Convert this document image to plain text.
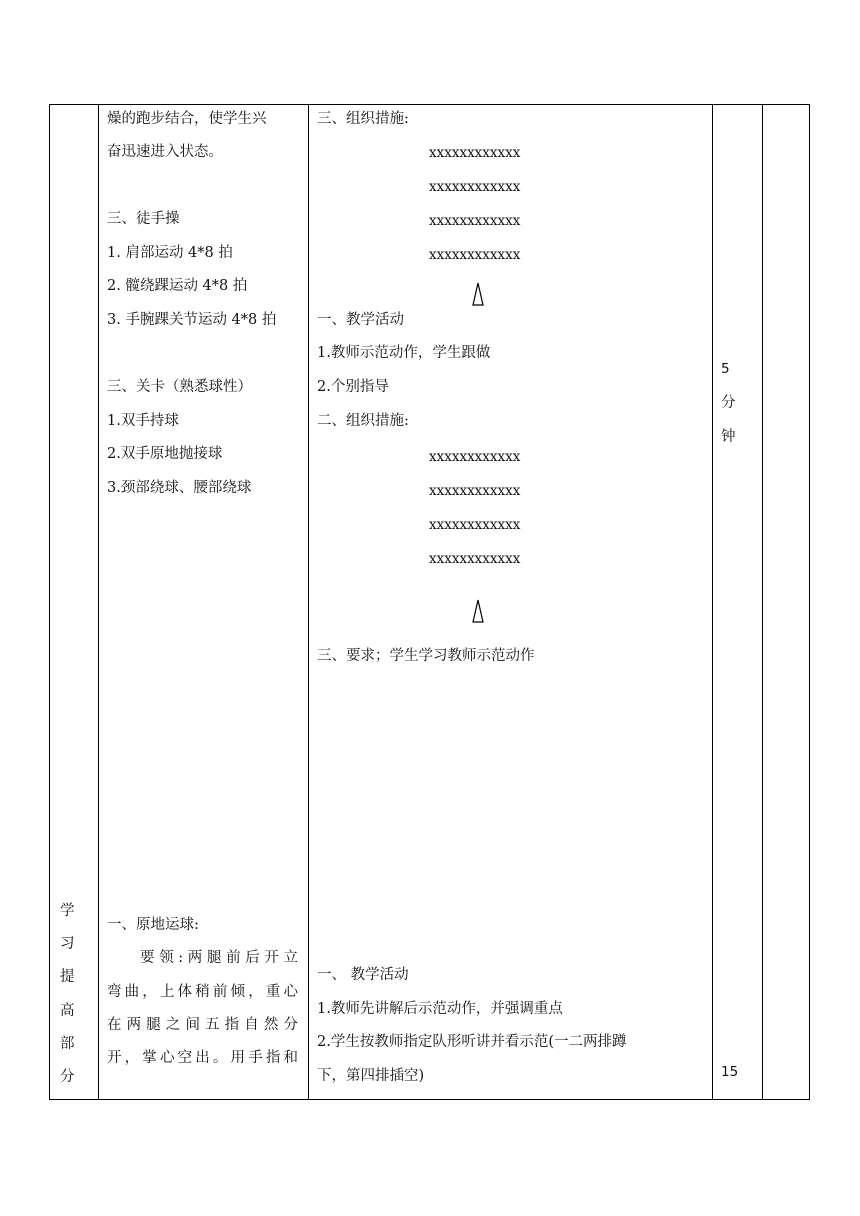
学
习
提
高
部
分
燥的跑步结合，使学生兴
奋迅速进入状态。
三、徒手操
1. 肩部运动 4*8 拍
2. 髋绕踝运动 4*8 拍
3. 手腕踝关节运动 4*8 拍
三、关卡（熟悉球性）
1.双手持球
2.双手原地抛接球
3.颈部绕球、腰部绕球
一、原地运球:
要领:两腿前后开立
弯曲，上体稍前倾，重心
在两腿之间五指自然分
开，掌心空出。用手指和
三、组织措施:
xxxxxxxxxxxx
xxxxxxxxxxxx
xxxxxxxxxxxx
xxxxxxxxxxxx
一、教学活动
1.教师示范动作，学生跟做
2.个别指导
二、组织措施:
xxxxxxxxxxxx
xxxxxxxxxxxx
xxxxxxxxxxxx
xxxxxxxxxxxx
三、要求；学生学习教师示范动作
一、 教学活动
1.教师先讲解后示范动作，并强调重点
2.学生按教师指定队形听讲并看示范(一二两排蹲
下，第四排插空)
5
分
钟
15
